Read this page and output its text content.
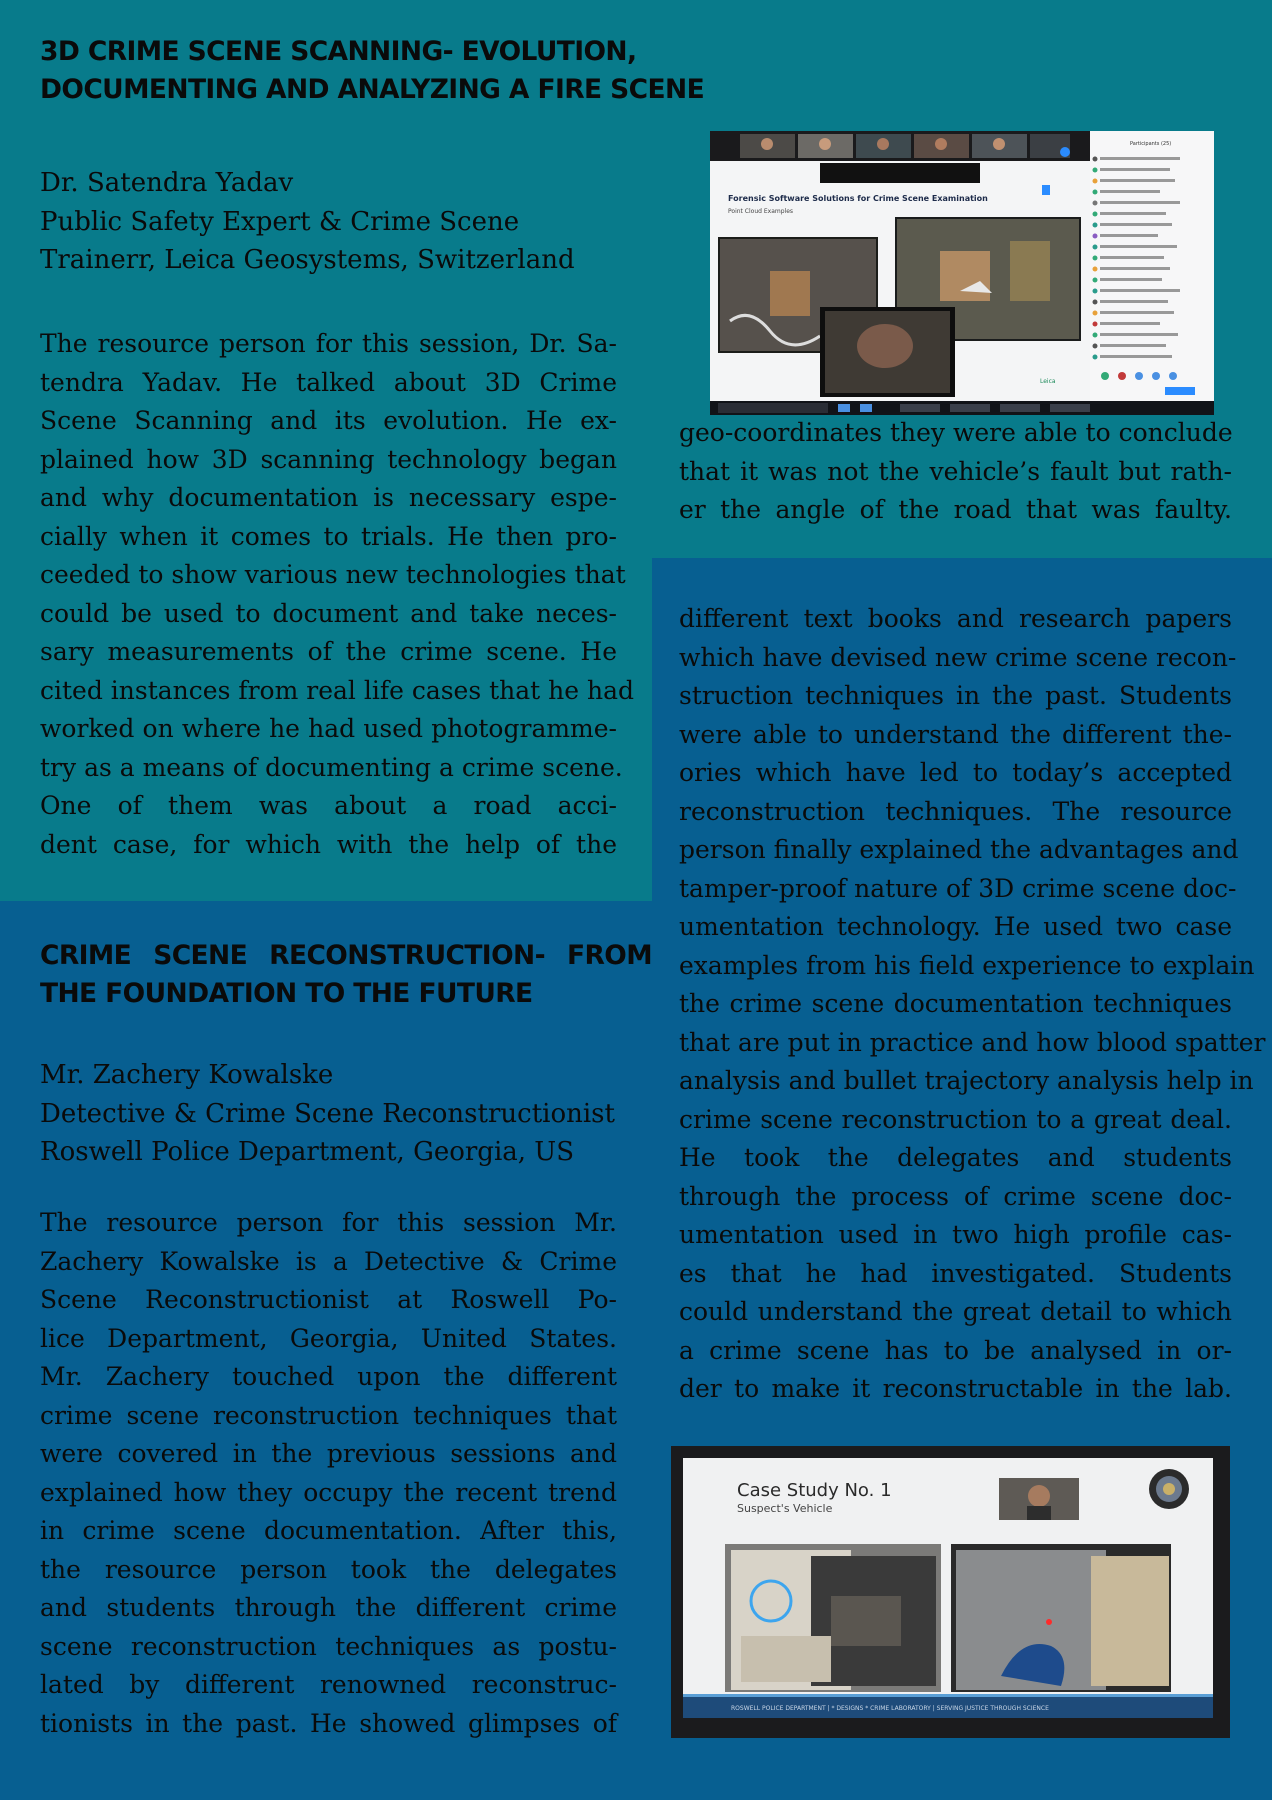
3D CRIME SCENE SCANNING- EVOLUTION,
DOCUMENTING AND ANALYZING A FIRE SCENE
Dr. Satendra Yadav
Public Safety Expert & Crime Scene
Trainerr, Leica Geosystems, Switzerland
The resource person for this session, Dr. Sa-
tendra Yadav. He talked about 3D Crime
Scene Scanning and its evolution. He ex-
plained how 3D scanning technology began
and why documentation is necessary espe-
cially when it comes to trials. He then pro-
ceeded to show various new technologies that
could be used to document and take neces-
sary measurements of the crime scene. He
cited instances from real life cases that he had
worked on where he had used photogramme-
try as a means of documenting a crime scene.
One of them was about a road acci-
dent case, for which with the help of the
Forensic Software Solutions for Crime Scene Examination
Point Cloud Examples
Leica
Participants (25)
geo-coordinates they were able to conclude
that it was not the vehicle’s fault but rath-
er the angle of the road that was faulty.
CRIME SCENE RECONSTRUCTION- FROM
THE FOUNDATION TO THE FUTURE
Mr. Zachery Kowalske
Detective & Crime Scene Reconstructionist
Roswell Police Department, Georgia, US
The resource person for this session Mr.
Zachery Kowalske is a Detective & Crime
Scene Reconstructionist at Roswell Po-
lice Department, Georgia, United States.
Mr. Zachery touched upon the different
crime scene reconstruction techniques that
were covered in the previous sessions and
explained how they occupy the recent trend
in crime scene documentation. After this,
the resource person took the delegates
and students through the different crime
scene reconstruction techniques as postu-
lated by different renowned reconstruc-
tionists in the past. He showed glimpses of
different text books and research papers
which have devised new crime scene recon-
struction techniques in the past. Students
were able to understand the different the-
ories which have led to today’s accepted
reconstruction techniques. The resource
person finally explained the advantages and
tamper-proof nature of 3D crime scene doc-
umentation technology. He used two case
examples from his field experience to explain
the crime scene documentation techniques
that are put in practice and how blood spatter
analysis and bullet trajectory analysis help in
crime scene reconstruction to a great deal.
He took the delegates and students
through the process of crime scene doc-
umentation used in two high profile cas-
es that he had investigated. Students
could understand the great detail to which
a crime scene has to be analysed in or-
der to make it reconstructable in the lab.
Case Study No. 1
Suspect's Vehicle
ROSWELL POLICE DEPARTMENT | * DESIGNS * CRIME LABORATORY | SERVING JUSTICE THROUGH SCIENCE
